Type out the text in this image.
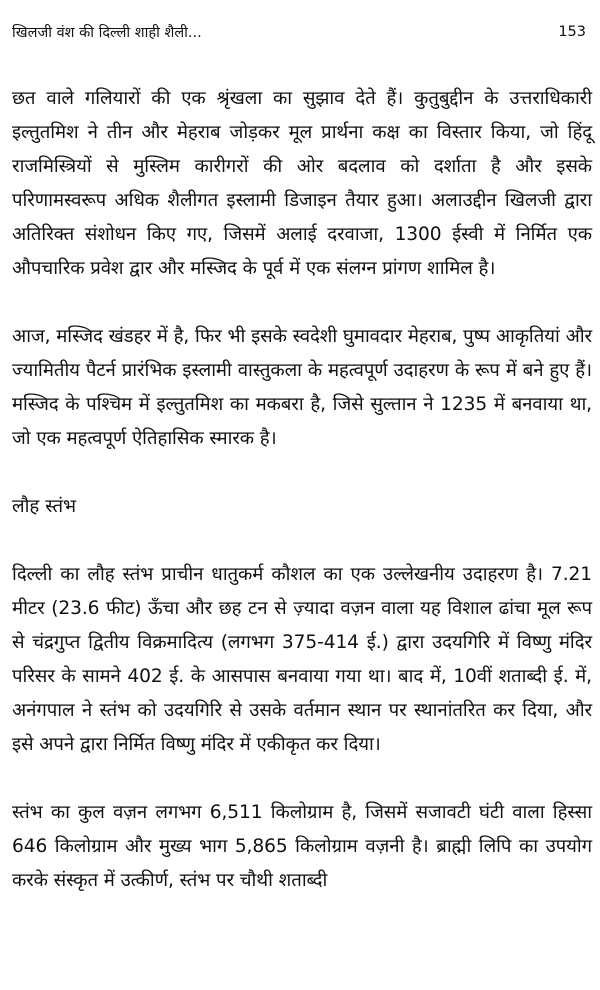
खिलजी वंश की दिल्ली शाही शैली...	153

छत वाले गलियारों की एक श्रृंखला का सुझाव देते हैं। कुतुबुद्दीन के उत्तराधिकारी इल्तुतमिश ने तीन और मेहराब जोड़कर मूल प्रार्थना कक्ष का विस्तार किया, जो हिंदू राजमिस्त्रियों से मुस्लिम कारीगरों की ओर बदलाव को दर्शाता है और इसके परिणामस्वरूप अधिक शैलीगत इस्लामी डिजाइन तैयार हुआ। अलाउद्दीन खिलजी द्वारा अतिरिक्त संशोधन किए गए, जिसमें अलाई दरवाजा, 1300 ईस्वी में निर्मित एक औपचारिक प्रवेश द्वार और मस्जिद के पूर्व में एक संलग्न प्रांगण शामिल है।

आज, मस्जिद खंडहर में है, फिर भी इसके स्वदेशी घुमावदार मेहराब, पुष्प आकृतियां और ज्यामितीय पैटर्न प्रारंभिक इस्लामी वास्तुकला के महत्वपूर्ण उदाहरण के रूप में बने हुए हैं। मस्जिद के पश्चिम में इल्तुतमिश का मकबरा है, जिसे सुल्तान ने 1235 में बनवाया था, जो एक महत्वपूर्ण ऐतिहासिक स्मारक है।

लौह स्तंभ

दिल्ली का लौह स्तंभ प्राचीन धातुकर्म कौशल का एक उल्लेखनीय उदाहरण है। 7.21 मीटर (23.6 फीट) ऊँचा और छह टन से ज़्यादा वज़न वाला यह विशाल ढांचा मूल रूप से चंद्रगुप्त द्वितीय विक्रमादित्य (लगभग 375-414 ई.) द्वारा उदयगिरि में विष्णु मंदिर परिसर के सामने 402 ई. के आसपास बनवाया गया था। बाद में, 10वीं शताब्दी ई. में, अनंगपाल ने स्तंभ को उदयगिरि से उसके वर्तमान स्थान पर स्थानांतरित कर दिया, और इसे अपने द्वारा निर्मित विष्णु मंदिर में एकीकृत कर दिया।

स्तंभ का कुल वज़न लगभग 6,511 किलोग्राम है, जिसमें सजावटी घंटी वाला हिस्सा 646 किलोग्राम और मुख्य भाग 5,865 किलोग्राम वज़नी है। ब्राह्मी लिपि का उपयोग करके संस्कृत में उत्कीर्ण, स्तंभ पर चौथी शताब्दी
